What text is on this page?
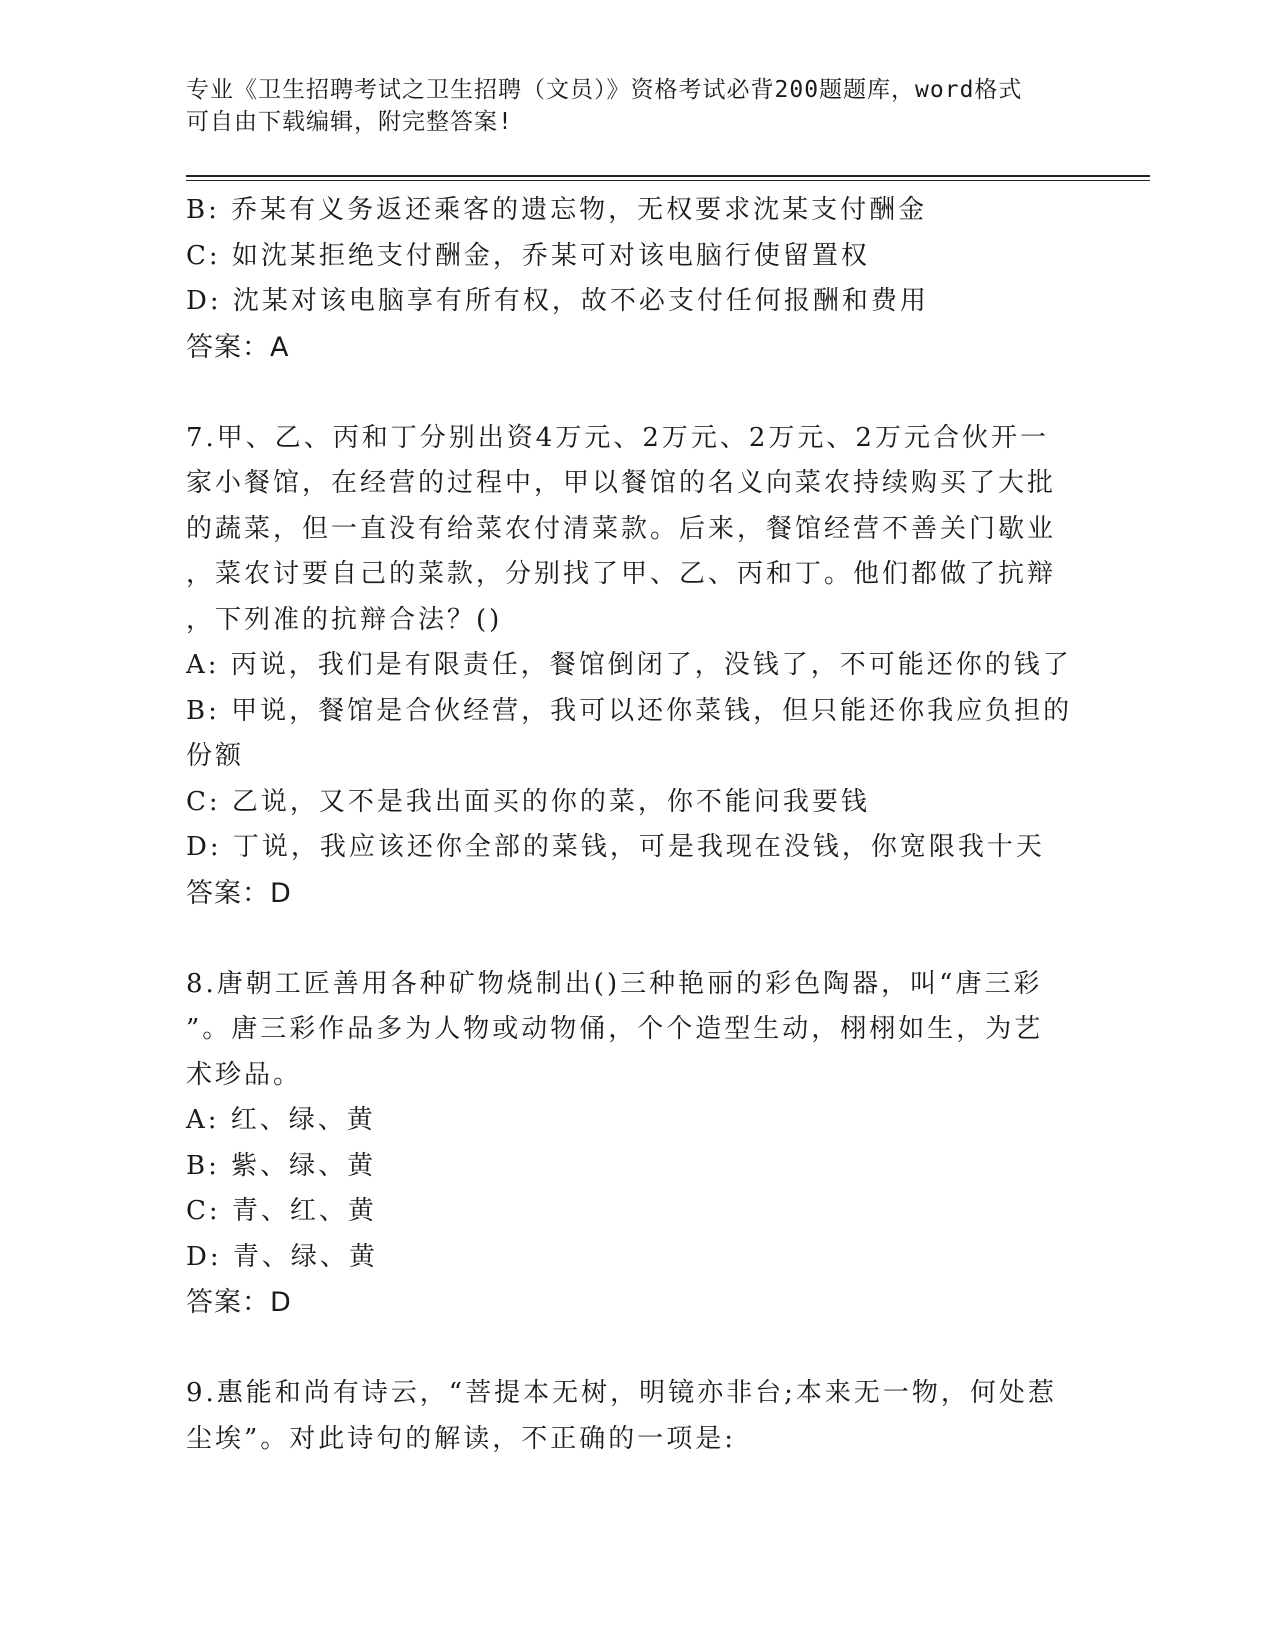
专业《卫生招聘考试之卫生招聘（文员）》资格考试必背200题题库，word格式
可自由下载编辑，附完整答案!
B: 乔某有义务返还乘客的遗忘物，无权要求沈某支付酬金
C: 如沈某拒绝支付酬金，乔某可对该电脑行使留置权
D: 沈某对该电脑享有所有权，故不必支付任何报酬和费用
答案：A
7.甲、乙、丙和丁分别出资4万元、2万元、2万元、2万元合伙开一
家小餐馆，在经营的过程中，甲以餐馆的名义向菜农持续购买了大批
的蔬菜，但一直没有给菜农付清菜款。后来，餐馆经营不善关门歇业
，菜农讨要自己的菜款，分别找了甲、乙、丙和丁。他们都做了抗辩
，下列准的抗辩合法？()
A: 丙说，我们是有限责任，餐馆倒闭了，没钱了，不可能还你的钱了
B: 甲说，餐馆是合伙经营，我可以还你菜钱，但只能还你我应负担的
份额
C: 乙说，又不是我出面买的你的菜，你不能问我要钱
D: 丁说，我应该还你全部的菜钱，可是我现在没钱，你宽限我十天
答案：D
8.唐朝工匠善用各种矿物烧制出()三种艳丽的彩色陶器，叫“唐三彩
”。唐三彩作品多为人物或动物俑，个个造型生动，栩栩如生，为艺
术珍品。
A: 红、绿、黄
B: 紫、绿、黄
C: 青、红、黄
D: 青、绿、黄
答案：D
9.惠能和尚有诗云，“菩提本无树，明镜亦非台;本来无一物，何处惹
尘埃”。对此诗句的解读，不正确的一项是:
